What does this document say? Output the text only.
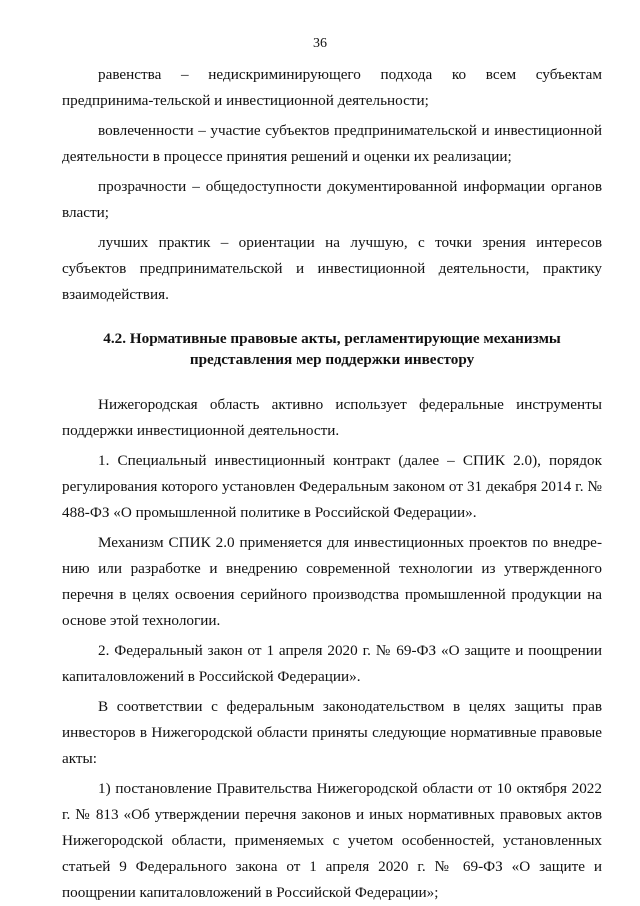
36

равенства – недискриминирующего подхода ко всем субъектам предпринима-тельской и инвестиционной деятельности;

вовлеченности – участие субъектов предпринимательской и инвестиционной деятельности в процессе принятия решений и оценки их реализации;

прозрачности – общедоступности документированной информации органов власти;

лучших практик – ориентации на лучшую, с точки зрения интересов субъектов предпринимательской и инвестиционной деятельности, практику взаимодействия.

4.2. Нормативные правовые акты, регламентирующие механизмы
представления мер поддержки инвестору

Нижегородская область активно использует федеральные инструменты поддержки инвестиционной деятельности.

1. Специальный инвестиционный контракт (далее – СПИК 2.0), порядок регулирования которого установлен Федеральным законом от 31 декабря 2014 г. № 488-ФЗ «О промышленной политике в Российской Федерации».

Механизм СПИК 2.0 применяется для инвестиционных проектов по внедрению или разработке и внедрению современной технологии из утвержденного перечня в целях освоения серийного производства промышленной продукции на основе этой технологии.

2. Федеральный закон от 1 апреля 2020 г. № 69-ФЗ «О защите и поощрении капиталовложений в Российской Федерации».

В соответствии с федеральным законодательством в целях защиты прав инвесторов в Нижегородской области приняты следующие нормативные правовые акты:

1) постановление Правительства Нижегородской области от 10 октября 2022 г. № 813 «Об утверждении перечня законов и иных нормативных правовых актов Нижегородской области, применяемых с учетом особенностей, установленных статьей 9 Федерального закона от 1 апреля 2020 г. № 69-ФЗ «О защите и поощрении капиталовложений в Российской Федерации»;
